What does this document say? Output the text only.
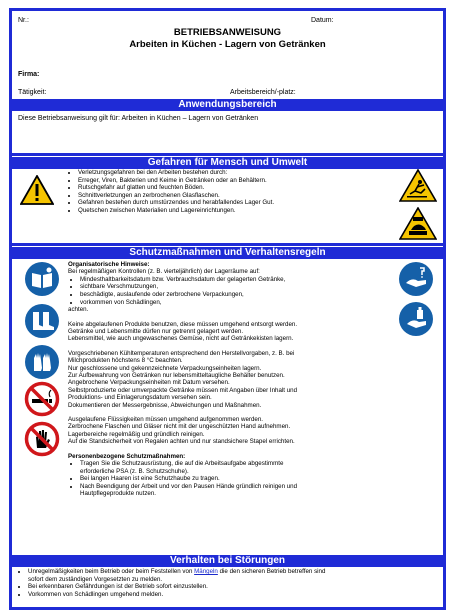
Nr.:	Datum:
BETRIEBSANWEISUNG
Arbeiten in Küchen - Lagern von Getränken
Firma:
Tätigkeit:	Arbeitsbereich/-platz:
Anwendungsbereich
Diese Betriebsanweisung gilt für: Arbeiten in Küchen – Lagern von Getränken
Gefahren für Mensch und Umwelt
• Verletzungsgefahren bei den Arbeiten bestehen durch:
• Erreger, Viren, Bakterien und Keime in Getränken oder an Behältern.
• Rutschgefahr auf glatten und feuchten Böden.
• Schnittverletzungen an zerbrochenen Glasflaschen.
• Gefahren bestehen durch umstürzendes und herabfallendes Lager Gut.
• Quetschen zwischen Materialien und Lagereinrichtungen.
Schutzmaßnahmen und Verhaltensregeln
Organisatorische Hinweise:
Bei regelmäßigen Kontrollen (z. B. vierteljährlich) der Lagerräume auf:
• Mindesthaltbarkeitsdatum bzw. Verbrauchsdatum der gelagerten Getränke,
• sichtbare Verschmutzungen,
• beschädigte, auslaufende oder zerbrochene Verpackungen,
• vorkommen von Schädlingen,
achten.
Keine abgelaufenen Produkte benutzen, diese müssen umgehend entsorgt werden.
Getränke und Lebensmitte dürfen nur getrennt gelagert werden.
Lebensmittel, wie auch ungewaschenes Gemüse, nicht auf Getränkekisten lagern.
Vorgeschriebenen Kühltemperaturen entsprechend den Herstellvorgaben, z. B. bei
Milchprodukten höchstens 8 °C beachten.
Nur geschlossene und gekennzeichnete Verpackungseinheiten lagern.
Zur Aufbewahrung von Getränken nur lebensmitteltaugliche Behälter benutzen.
Angebrochene Verpackungseinheiten mit Datum versehen.
Selbstproduzierte oder umverpackte Getränke müssen mit Angaben über Inhalt und
Produktions- und Einlagerungsdatum versehen sein.
Dokumentieren der Messergebnisse, Abweichungen und Maßnahmen.
Ausgelaufene Flüssigkeiten müssen umgehend aufgenommen werden.
Zerbrochene Flaschen und Gläser nicht mit der ungeschützten Hand aufnehmen.
Lagerbereiche regelmäßig und gründlich reinigen.
Auf die Standsicherheit von Regalen achten und nur standsichere Stapel errichten.
Personenbezogene Schutzmaßnahmen:
• Tragen Sie die Schutzausrüstung, die auf die Arbeitsaufgabe abgestimmte
erforderliche PSA (z. B. Schutzschuhe).
• Bei langen Haaren ist eine Schutzhaube zu tragen.
• Nach Beendigung der Arbeit und vor den Pausen Hände gründlich reinigen und
Hautpflegeprodukte nutzen.
Verhalten bei Störungen
• Unregelmäßigkeiten beim Betrieb oder beim Feststellen von Mängeln die den sicheren Betrieb betreffen sind
sofort dem zuständigen Vorgesetzten zu melden.
• Bei erkennbaren Gefährdungen ist der Betrieb sofort einzustellen.
• Vorkommen von Schädlingen umgehend melden.
